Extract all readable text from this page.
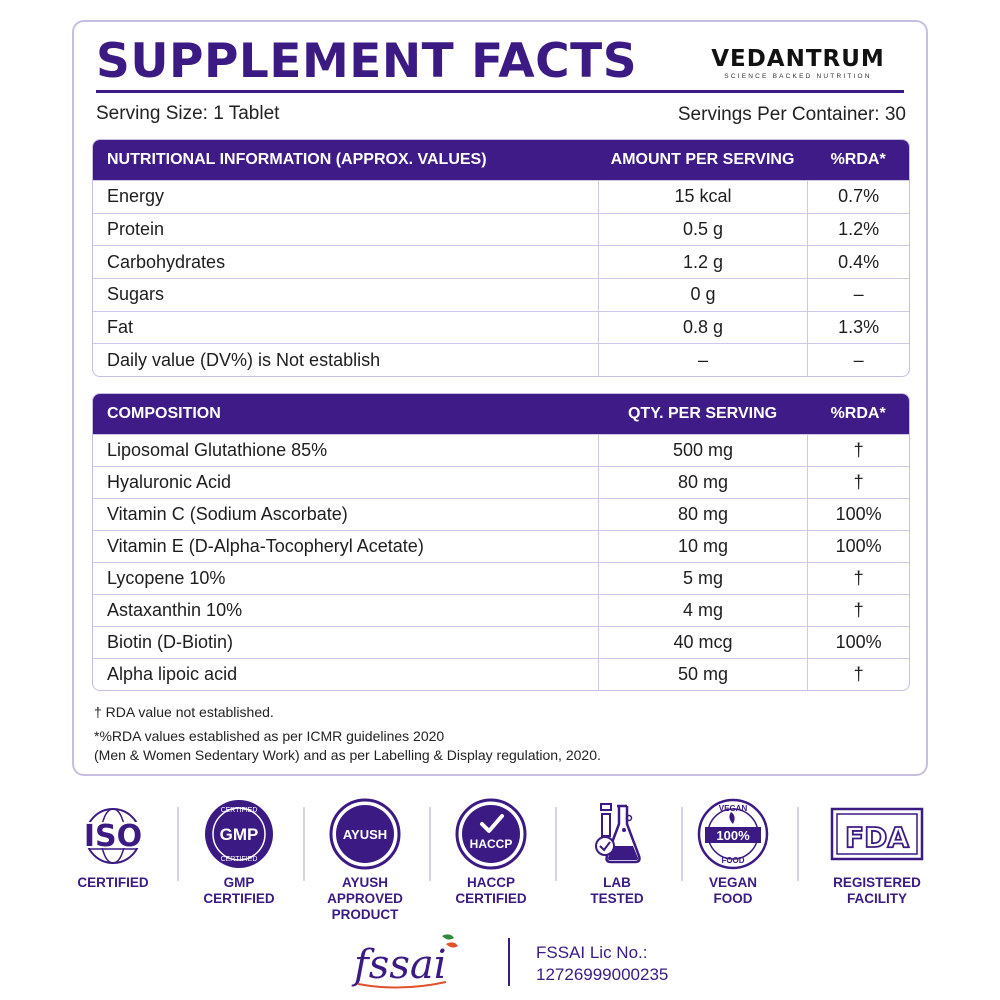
SUPPLEMENT FACTS	VEDANTRUM
SCIENCE BACKED NUTRITION
Serving Size: 1 Tablet	Servings Per Container: 30
NUTRITIONAL INFORMATION (APPROX. VALUES)	AMOUNT PER SERVING	%RDA*
Energy	15 kcal	0.7%
Protein	0.5 g	1.2%
Carbohydrates	1.2 g	0.4%
Sugars	0 g	–
Fat	0.8 g	1.3%
Daily value (DV%) is Not establish	–	–
COMPOSITION	QTY. PER SERVING	%RDA*
Liposomal Glutathione 85%	500 mg	†
Hyaluronic Acid	80 mg	†
Vitamin C (Sodium Ascorbate)	80 mg	100%
Vitamin E (D-Alpha-Tocopheryl Acetate)	10 mg	100%
Lycopene 10%	5 mg	†
Astaxanthin 10%	4 mg	†
Biotin (D-Biotin)	40 mcg	100%
Alpha lipoic acid	50 mg	†
† RDA value not established.
*%RDA values established as per ICMR guidelines 2020
(Men & Women Sedentary Work) and as per Labelling & Display regulation, 2020.
ISO
CERTIFIED
CERTIFIED
CERTIFIED
GMP
GMP
CERTIFIED
AYUSH
AYUSH
APPROVED
PRODUCT
HACCP
HACCP
CERTIFIED
LAB
TESTED
VEGAN
FOOD
100%
VEGAN
FOOD
FDA
REGISTERED
FACILITY
fssai	FSSAI Lic No.:
12726999000235
